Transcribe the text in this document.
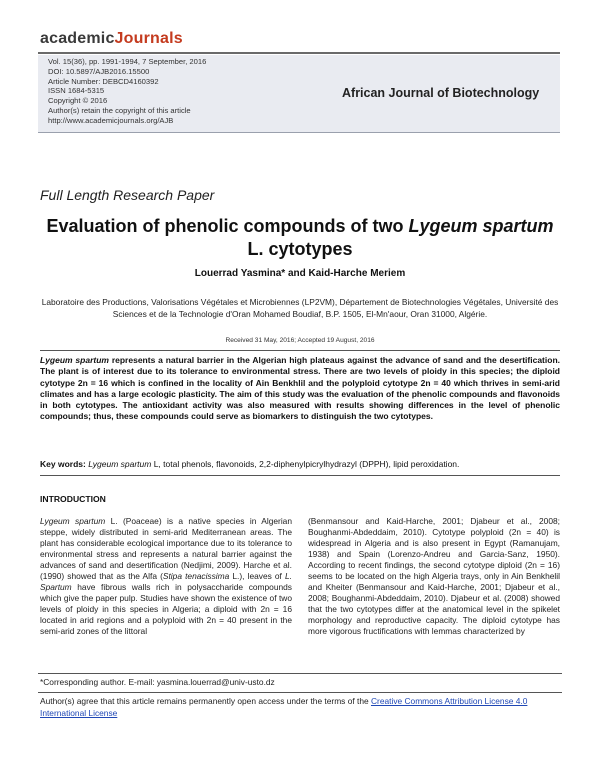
academicJournals
Vol. 15(36), pp. 1991-1994, 7 September, 2016
DOI: 10.5897/AJB2016.15500
Article Number: DEBCD4160392
ISSN 1684-5315
Copyright © 2016
Author(s) retain the copyright of this article
http://www.academicjournals.org/AJB
African Journal of Biotechnology
Full Length Research Paper
Evaluation of phenolic compounds of two Lygeum spartum L. cytotypes
Louerrad Yasmina* and Kaid-Harche Meriem
Laboratoire des Productions, Valorisations Végétales et Microbiennes (LP2VM), Département de Biotechnologies Végétales, Université des Sciences et de la Technologie d'Oran Mohamed Boudiaf, B.P. 1505, El-Mn'aour, Oran 31000, Algérie.
Received 31 May, 2016; Accepted 19 August, 2016
Lygeum spartum represents a natural barrier in the Algerian high plateaus against the advance of sand and the desertification. The plant is of interest due to its tolerance to environmental stress. There are two levels of ploidy in this species; the diploid cytotype 2n = 16 which is confined in the locality of Ain Benkhlil and the polyploid cytotype 2n = 40 which thrives in semi-arid climates and has a large ecologic plasticity. The aim of this study was the evaluation of the phenolic compounds and flavonoids in both cytotypes. The antioxidant activity was also measured with results showing differences in the level of phenolic compounds; thus, these compounds could serve as biomarkers to distinguish the two cytotypes.
Key words: Lygeum spartum L, total phenols, flavonoids, 2,2-diphenylpicrylhydrazyl (DPPH), lipid peroxidation.
INTRODUCTION
Lygeum spartum L. (Poaceae) is a native species in Algerian steppe, widely distributed in semi-arid Mediterranean areas. The plant has considerable ecological importance due to its tolerance to environmental stress and represents a natural barrier against the advances of sand and desertification (Nedjimi, 2009). Harche et al. (1990) showed that as the Alfa (Stipa tenacissima L.), leaves of L. Spartum have fibrous walls rich in polysaccharide compounds which give the paper pulp. Studies have shown the existence of two levels of ploidy in this species in Algeria; a diploid with 2n = 16 located in arid regions and a polyploid with 2n = 40 present in the semi-arid zones of the littoral
(Benmansour and Kaid-Harche, 2001; Djabeur et al., 2008; Boughanmi-Abdeddaim, 2010). Cytotype polyploid (2n = 40) is widespread in Algeria and is also present in Egypt (Ramanujam, 1938) and Spain (Lorenzo-Andreu and Garcia-Sanz, 1950). According to recent findings, the second cytotype diploid (2n = 16) seems to be located on the high Algeria trays, only in Ain Benkhelil and Kheiter (Benmansour and Kaid-Harche, 2001; Djabeur et al., 2008; Boughanmi-Abdeddaim, 2010). Djabeur et al. (2008) showed that the two cytotypes differ at the anatomical level in the spikelet morphology and reproductive capacity. The diploid cytotype has more vigorous fructifications with lemmas characterized by
*Corresponding author. E-mail: yasmina.louerrad@univ-usto.dz
Author(s) agree that this article remains permanently open access under the terms of the Creative Commons Attribution License 4.0 International License
